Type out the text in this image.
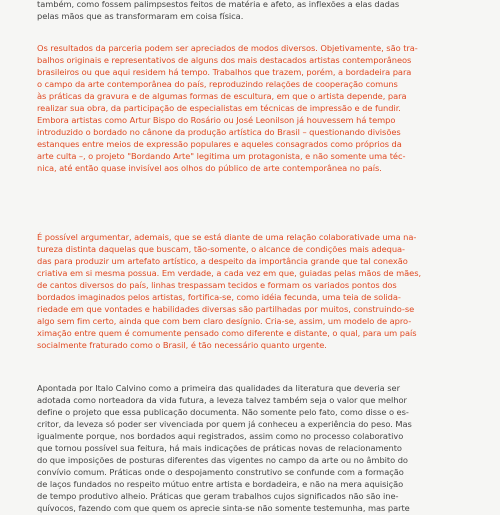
também, como fossem palimpsestos feitos de matéria e afeto, as inflexões a elas dadas
pelas mãos que as transformaram em coisa física.
Os resultados da parceria podem ser apreciados de modos diversos. Objetivamente, são tra-
balhos originais e representativos de alguns dos mais destacados artistas contemporâneos
brasileiros ou que aqui residem há tempo. Trabalhos que trazem, porém, a bordadeira para
o campo da arte contemporânea do país, reproduzindo relações de cooperação comuns
às práticas da gravura e de algumas formas de escultura, em que o artista depende, para
realizar sua obra, da participação de especialistas em técnicas de impressão e de fundir.
Embora artistas como Artur Bispo do Rosário ou José Leonilson já houvessem há tempo
introduzido o bordado no cânone da produção artística do Brasil – questionando divisões
estanques entre meios de expressão populares e aqueles consagrados como próprios da
arte culta –, o projeto "Bordando Arte" legitima um protagonista, e não somente uma téc-
nica, até então quase invisível aos olhos do público de arte contemporânea no país.
É possível argumentar, ademais, que se está diante de uma relação colaborativade uma na-
tureza distinta daquelas que buscam, tão-somente, o alcance de condições mais adequa-
das para produzir um artefato artístico, a despeito da importância grande que tal conexão
criativa em si mesma possua. Em verdade, a cada vez em que, guiadas pelas mãos de mães,
de cantos diversos do país, linhas trespassam tecidos e formam os variados pontos dos
bordados imaginados pelos artistas, fortifica-se, como idéia fecunda, uma teia de solida-
riedade em que vontades e habilidades diversas são partilhadas por muitos, construindo-se
algo sem fim certo, ainda que com bem claro desígnio. Cria-se, assim, um modelo de apro-
ximação entre quem é comumente pensado como diferente e distante, o qual, para um país
socialmente fraturado como o Brasil, é tão necessário quanto urgente.
Apontada por Italo Calvino como a primeira das qualidades da literatura que deveria ser
adotada como norteadora da vida futura, a leveza talvez também seja o valor que melhor
define o projeto que essa publicação documenta. Não somente pelo fato, como disse o es-
critor, da leveza só poder ser vivenciada por quem já conheceu a experiência do peso. Mas
igualmente porque, nos bordados aqui registrados, assim como no processo colaborativo
que tornou possível sua feitura, há mais indicações de práticas novas de relacionamento
do que imposições de posturas diferentes das vigentes no campo da arte ou no âmbito do
convívio comum. Práticas onde o despojamento construtivo se confunde com a formação
de laços fundados no respeito mútuo entre artista e bordadeira, e não na mera aquisição
de tempo produtivo alheio. Práticas que geram trabalhos cujos significados não são ine-
quívocos, fazendo com que quem os aprecie sinta-se não somente testemunha, mas parte
